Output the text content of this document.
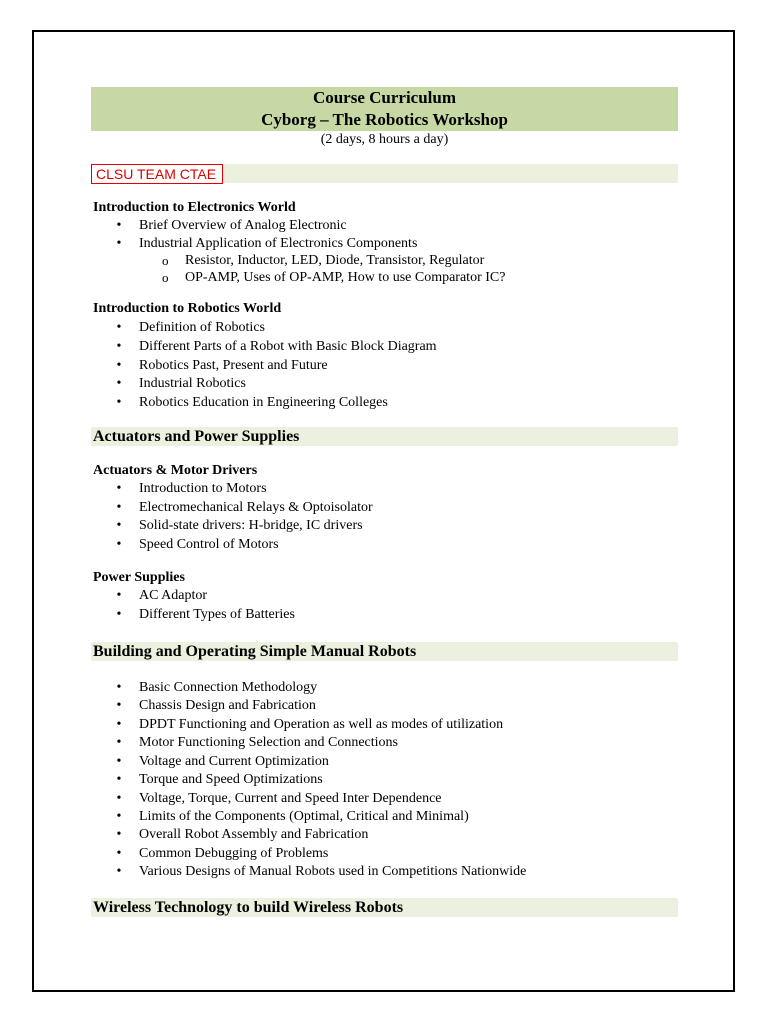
Course Curriculum
Cyborg – The Robotics Workshop
(2 days, 8 hours a day)
CLSU TEAM CTAE
Introduction to Electronics World
• Brief Overview of Analog Electronic
• Industrial Application of Electronics Components
o Resistor, Inductor, LED, Diode, Transistor, Regulator
o OP-AMP, Uses of OP-AMP, How to use Comparator IC?
Introduction to Robotics World
• Definition of Robotics
• Different Parts of a Robot with Basic Block Diagram
• Robotics Past, Present and Future
• Industrial Robotics
• Robotics Education in Engineering Colleges
Actuators and Power Supplies
Actuators & Motor Drivers
• Introduction to Motors
• Electromechanical Relays & Optoisolator
• Solid-state drivers: H-bridge, IC drivers
• Speed Control of Motors
Power Supplies
• AC Adaptor
• Different Types of Batteries
Building and Operating Simple Manual Robots
• Basic Connection Methodology
• Chassis Design and Fabrication
• DPDT Functioning and Operation as well as modes of utilization
• Motor Functioning Selection and Connections
• Voltage and Current Optimization
• Torque and Speed Optimizations
• Voltage, Torque, Current and Speed Inter Dependence
• Limits of the Components (Optimal, Critical and Minimal)
• Overall Robot Assembly and Fabrication
• Common Debugging of Problems
• Various Designs of Manual Robots used in Competitions Nationwide
Wireless Technology to build Wireless Robots
